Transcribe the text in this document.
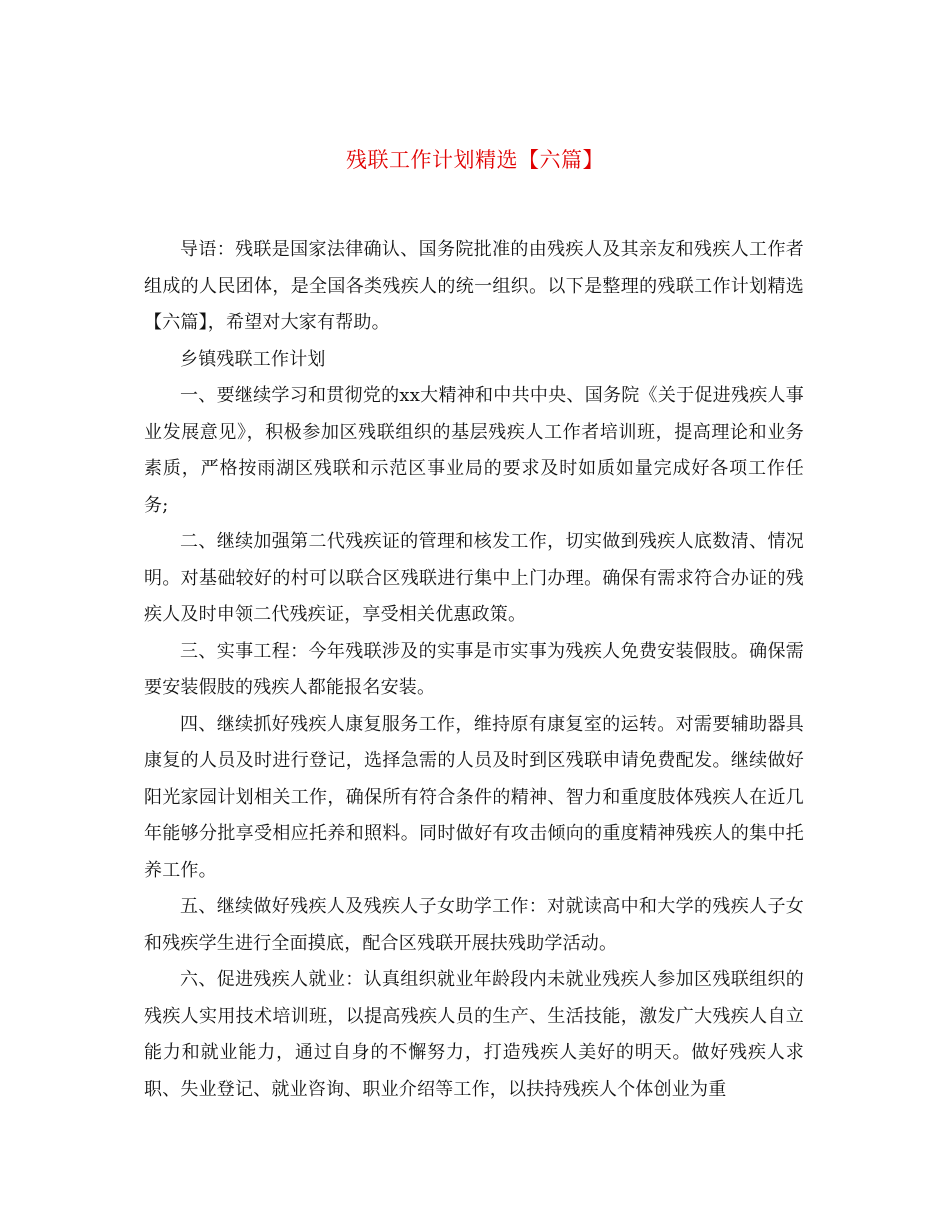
残联工作计划精选【六篇】

导语：残联是国家法律确认、国务院批准的由残疾人及其亲友和残疾人工作者组成的人民团体，是全国各类残疾人的统一组织。以下是整理的残联工作计划精选【六篇】，希望对大家有帮助。

乡镇残联工作计划

一、要继续学习和贯彻党的xx大精神和中共中央、国务院《关于促进残疾人事业发展意见》，积极参加区残联组织的基层残疾人工作者培训班，提高理论和业务素质，严格按雨湖区残联和示范区事业局的要求及时如质如量完成好各项工作任务;

二、继续加强第二代残疾证的管理和核发工作，切实做到残疾人底数清、情况明。对基础较好的村可以联合区残联进行集中上门办理。确保有需求符合办证的残疾人及时申领二代残疾证，享受相关优惠政策。

三、实事工程：今年残联涉及的实事是市实事为残疾人免费安装假肢。确保需要安装假肢的残疾人都能报名安装。

四、继续抓好残疾人康复服务工作，维持原有康复室的运转。对需要辅助器具康复的人员及时进行登记，选择急需的人员及时到区残联申请免费配发。继续做好阳光家园计划相关工作，确保所有符合条件的精神、智力和重度肢体残疾人在近几年能够分批享受相应托养和照料。同时做好有攻击倾向的重度精神残疾人的集中托养工作。

五、继续做好残疾人及残疾人子女助学工作：对就读高中和大学的残疾人子女和残疾学生进行全面摸底，配合区残联开展扶残助学活动。

六、促进残疾人就业：认真组织就业年龄段内未就业残疾人参加区残联组织的残疾人实用技术培训班，以提高残疾人员的生产、生活技能，激发广大残疾人自立能力和就业能力，通过自身的不懈努力，打造残疾人美好的明天。做好残疾人求职、失业登记、就业咨询、职业介绍等工作，以扶持残疾人个体创业为重
